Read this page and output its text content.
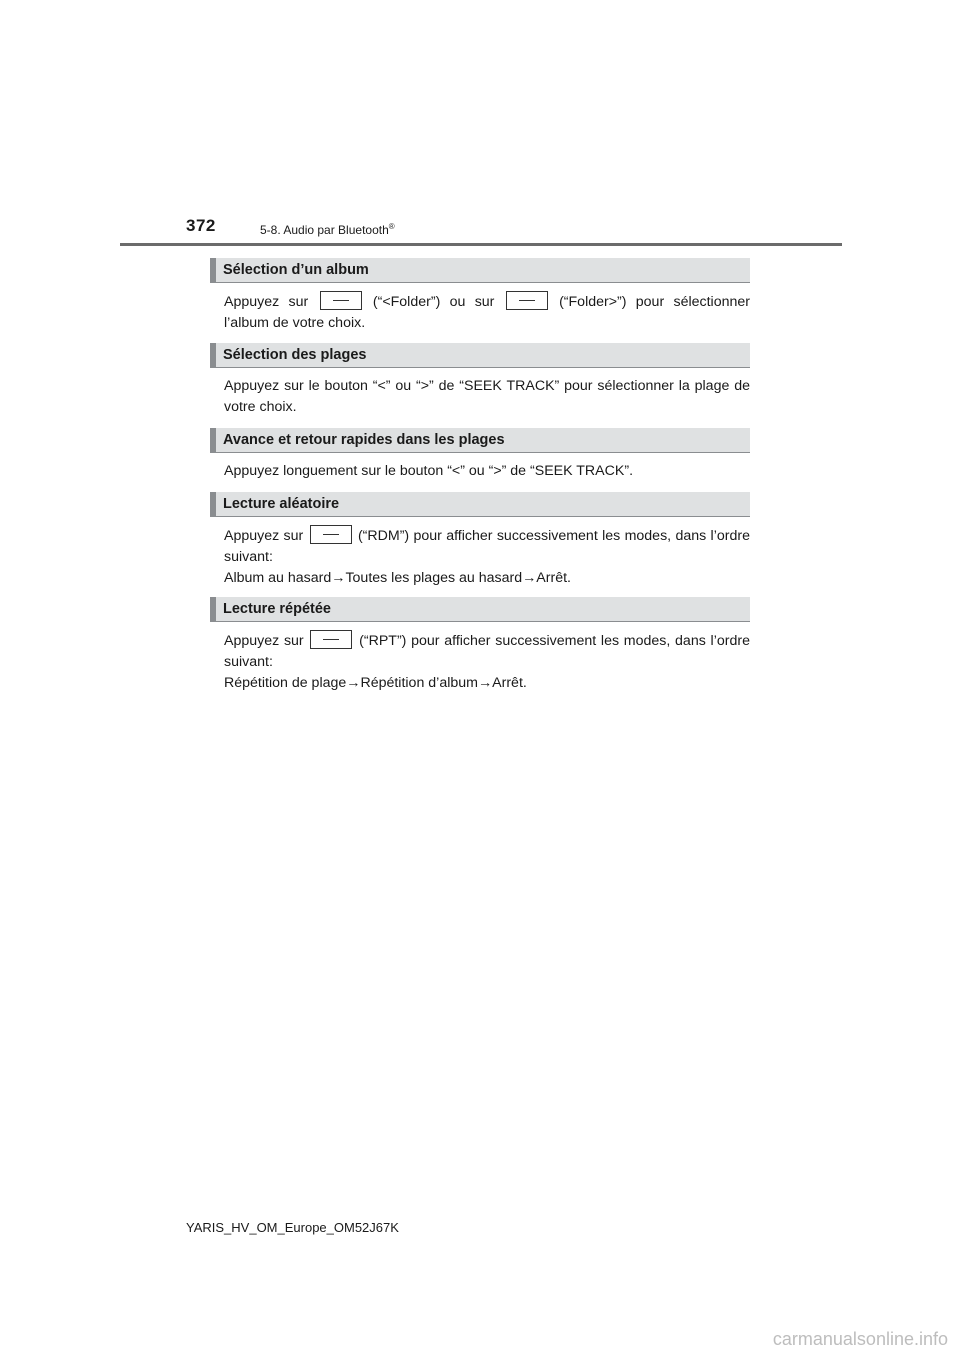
372	5-8. Audio par Bluetooth®
Sélection d’un album
Appuyez sur	(“<Folder”) ou sur	(“Folder>”) pour sélectionner l’album de votre choix.
Sélection des plages
Appuyez sur le bouton “<” ou “>” de “SEEK TRACK” pour sélectionner la plage de votre choix.
Avance et retour rapides dans les plages
Appuyez longuement sur le bouton “<” ou “>” de “SEEK TRACK”.
Lecture aléatoire
Appuyez sur	(“RDM”) pour afficher successivement les modes, dans l’ordre suivant:
Album au hasard→Toutes les plages au hasard→Arrêt.
Lecture répétée
Appuyez sur	(“RPT”) pour afficher successivement les modes, dans l’ordre suivant:
Répétition de plage→Répétition d’album→Arrêt.
YARIS_HV_OM_Europe_OM52J67K
carmanualsonline.info
